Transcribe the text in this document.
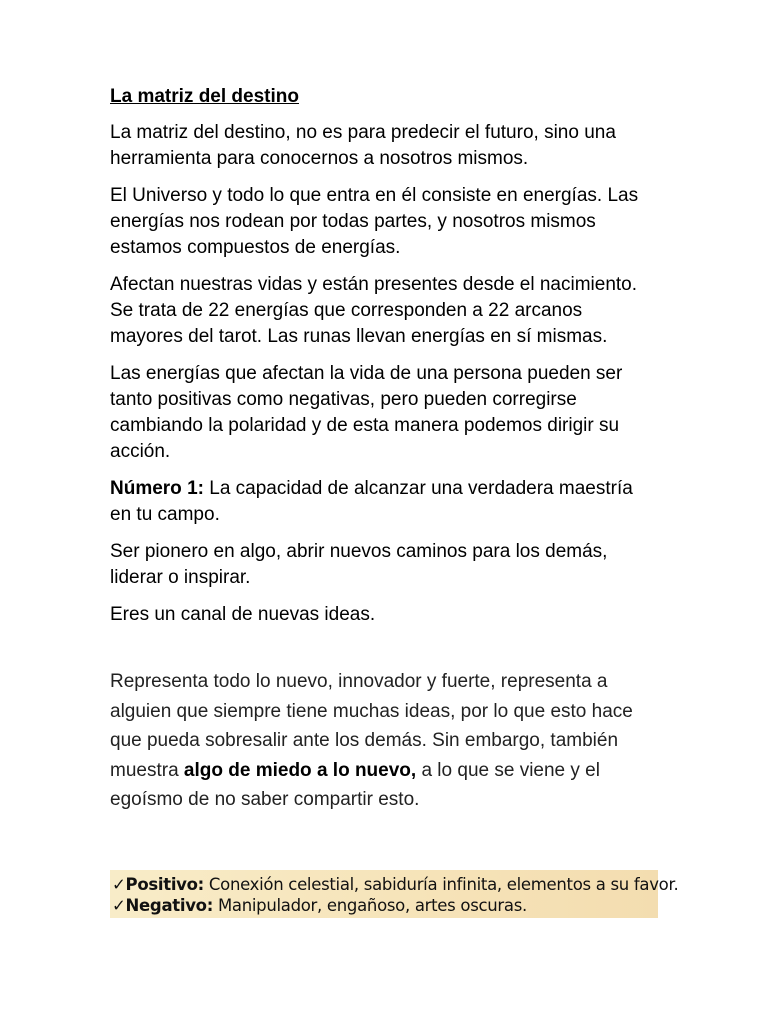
La matriz del destino

La matriz del destino, no es para predecir el futuro, sino una herramienta para conocernos a nosotros mismos.

El Universo y todo lo que entra en él consiste en energías. Las energías nos rodean por todas partes, y nosotros mismos estamos compuestos de energías.

Afectan nuestras vidas y están presentes desde el nacimiento. Se trata de 22 energías que corresponden a 22 arcanos mayores del tarot. Las runas llevan energías en sí mismas.

Las energías que afectan la vida de una persona pueden ser tanto positivas como negativas, pero pueden corregirse cambiando la polaridad y de esta manera podemos dirigir su acción.

Número 1: La capacidad de alcanzar una verdadera maestría en tu campo.

Ser pionero en algo, abrir nuevos caminos para los demás, liderar o inspirar.

Eres un canal de nuevas ideas.

Representa todo lo nuevo, innovador y fuerte, representa a alguien que siempre tiene muchas ideas, por lo que esto hace que pueda sobresalir ante los demás. Sin embargo, también muestra algo de miedo a lo nuevo, a lo que se viene y el egoísmo de no saber compartir esto.

✓Positivo: Conexión celestial, sabiduría infinita, elementos a su favor.
✓Negativo: Manipulador, engañoso, artes oscuras.
